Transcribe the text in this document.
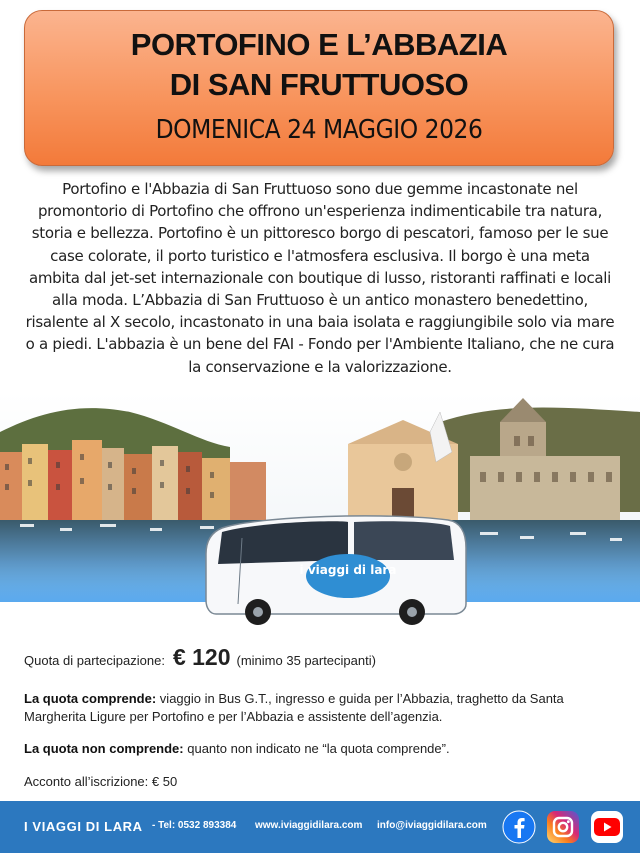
PORTOFINO E L’ABBAZIA
DI SAN FRUTTUOSO
DOMENICA 24 MAGGIO 2026

Portofino e l'Abbazia di San Fruttuoso sono due gemme incastonate nel promontorio di Portofino che offrono un'esperienza indimenticabile tra natura, storia e bellezza. Portofino è un pittoresco borgo di pescatori, famoso per le sue case colorate, il porto turistico e l'atmosfera esclusiva. Il borgo è una meta ambita dal jet-set internazionale con boutique di lusso, ristoranti raffinati e locali alla moda. L’Abbazia di San Fruttuoso è un antico monastero benedettino, risalente al X secolo, incastonato in una baia isolata e raggiungibile solo via mare o a piedi. L'abbazia è un bene del FAI - Fondo per l'Ambiente Italiano, che ne cura la conservazione e la valorizzazione.

i viaggi di lara
Quota di partecipazione: € 120 (minimo 35 partecipanti)
La quota comprende: viaggio in Bus G.T., ingresso e guida per l’Abbazia, traghetto da Santa Margherita Ligure per Portofino e per l’Abbazia e assistente dell’agenzia.
La quota non comprende: quanto non indicato ne “la quota comprende”.
Acconto all’iscrizione: € 50
I VIAGGI DI LARA - Tel: 0532 893384 www.iviaggidilara.com info@iviaggidilara.com
